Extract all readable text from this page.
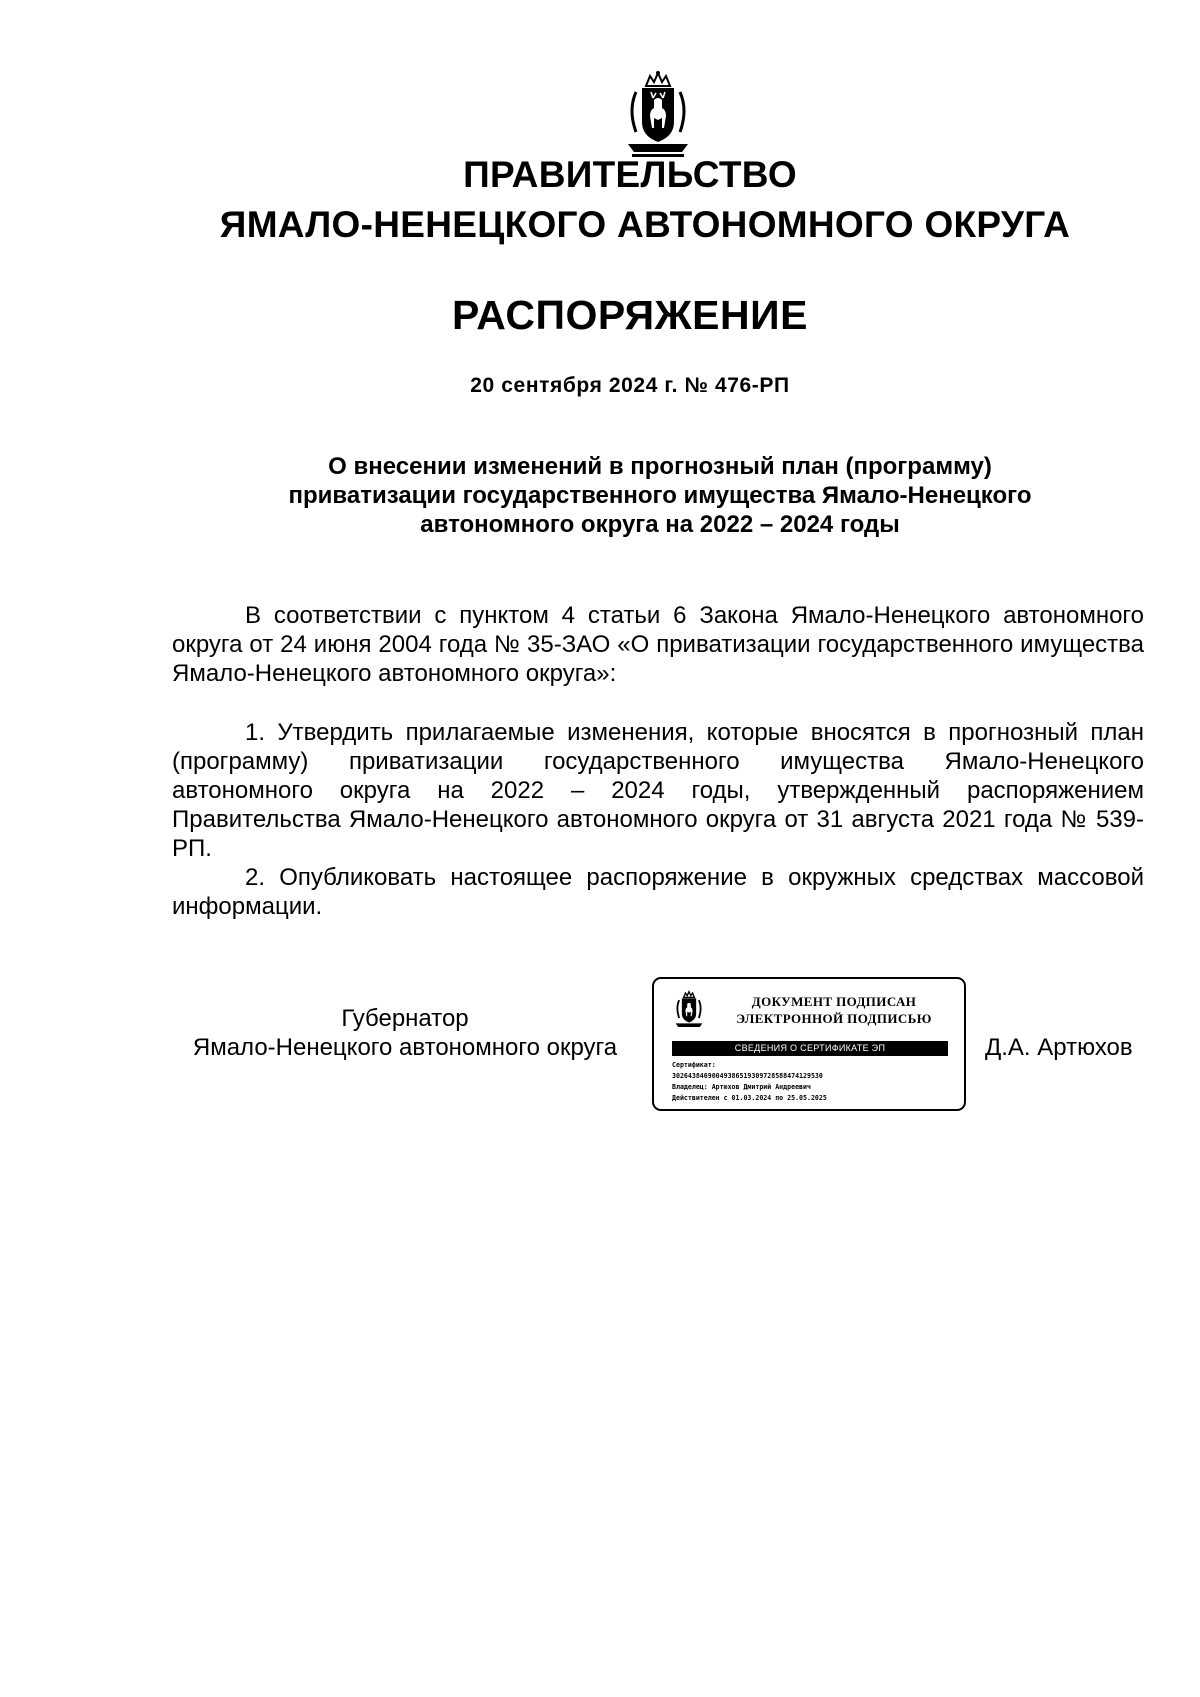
ПРАВИТЕЛЬСТВО
ЯМАЛО-НЕНЕЦКОГО АВТОНОМНОГО ОКРУГА
РАСПОРЯЖЕНИЕ
20 сентября 2024 г. № 476-РП
О внесении изменений в прогнозный план (программу)
приватизации государственного имущества Ямало-Ненецкого
автономного округа на 2022 – 2024 годы

В соответствии с пунктом 4 статьи 6 Закона Ямало-Ненецкого автономного округа от 24 июня 2004 года № 35-ЗАО «О приватизации государственного имущества Ямало-Ненецкого автономного округа»:

1. Утвердить прилагаемые изменения, которые вносятся в прогнозный план (программу) приватизации государственного имущества Ямало-Ненецкого автономного округа на 2022 – 2024 годы, утвержденный распоряжением Правительства Ямало-Ненецкого автономного округа от 31 августа 2021 года № 539-РП.

2. Опубликовать настоящее распоряжение в окружных средствах массовой информации.

Губернатор
Ямало-Ненецкого автономного округа
ДОКУМЕНТ ПОДПИСАН
ЭЛЕКТРОННОЙ ПОДПИСЬЮ
СВЕДЕНИЯ О СЕРТИФИКАТЕ ЭП
Сертификат:
302643846900493865193097285884741295З0
Владелец: Артюхов Дмитрий Андреевич
Действителен с 01.03.2024 по 25.05.2025
Д.А. Артюхов
